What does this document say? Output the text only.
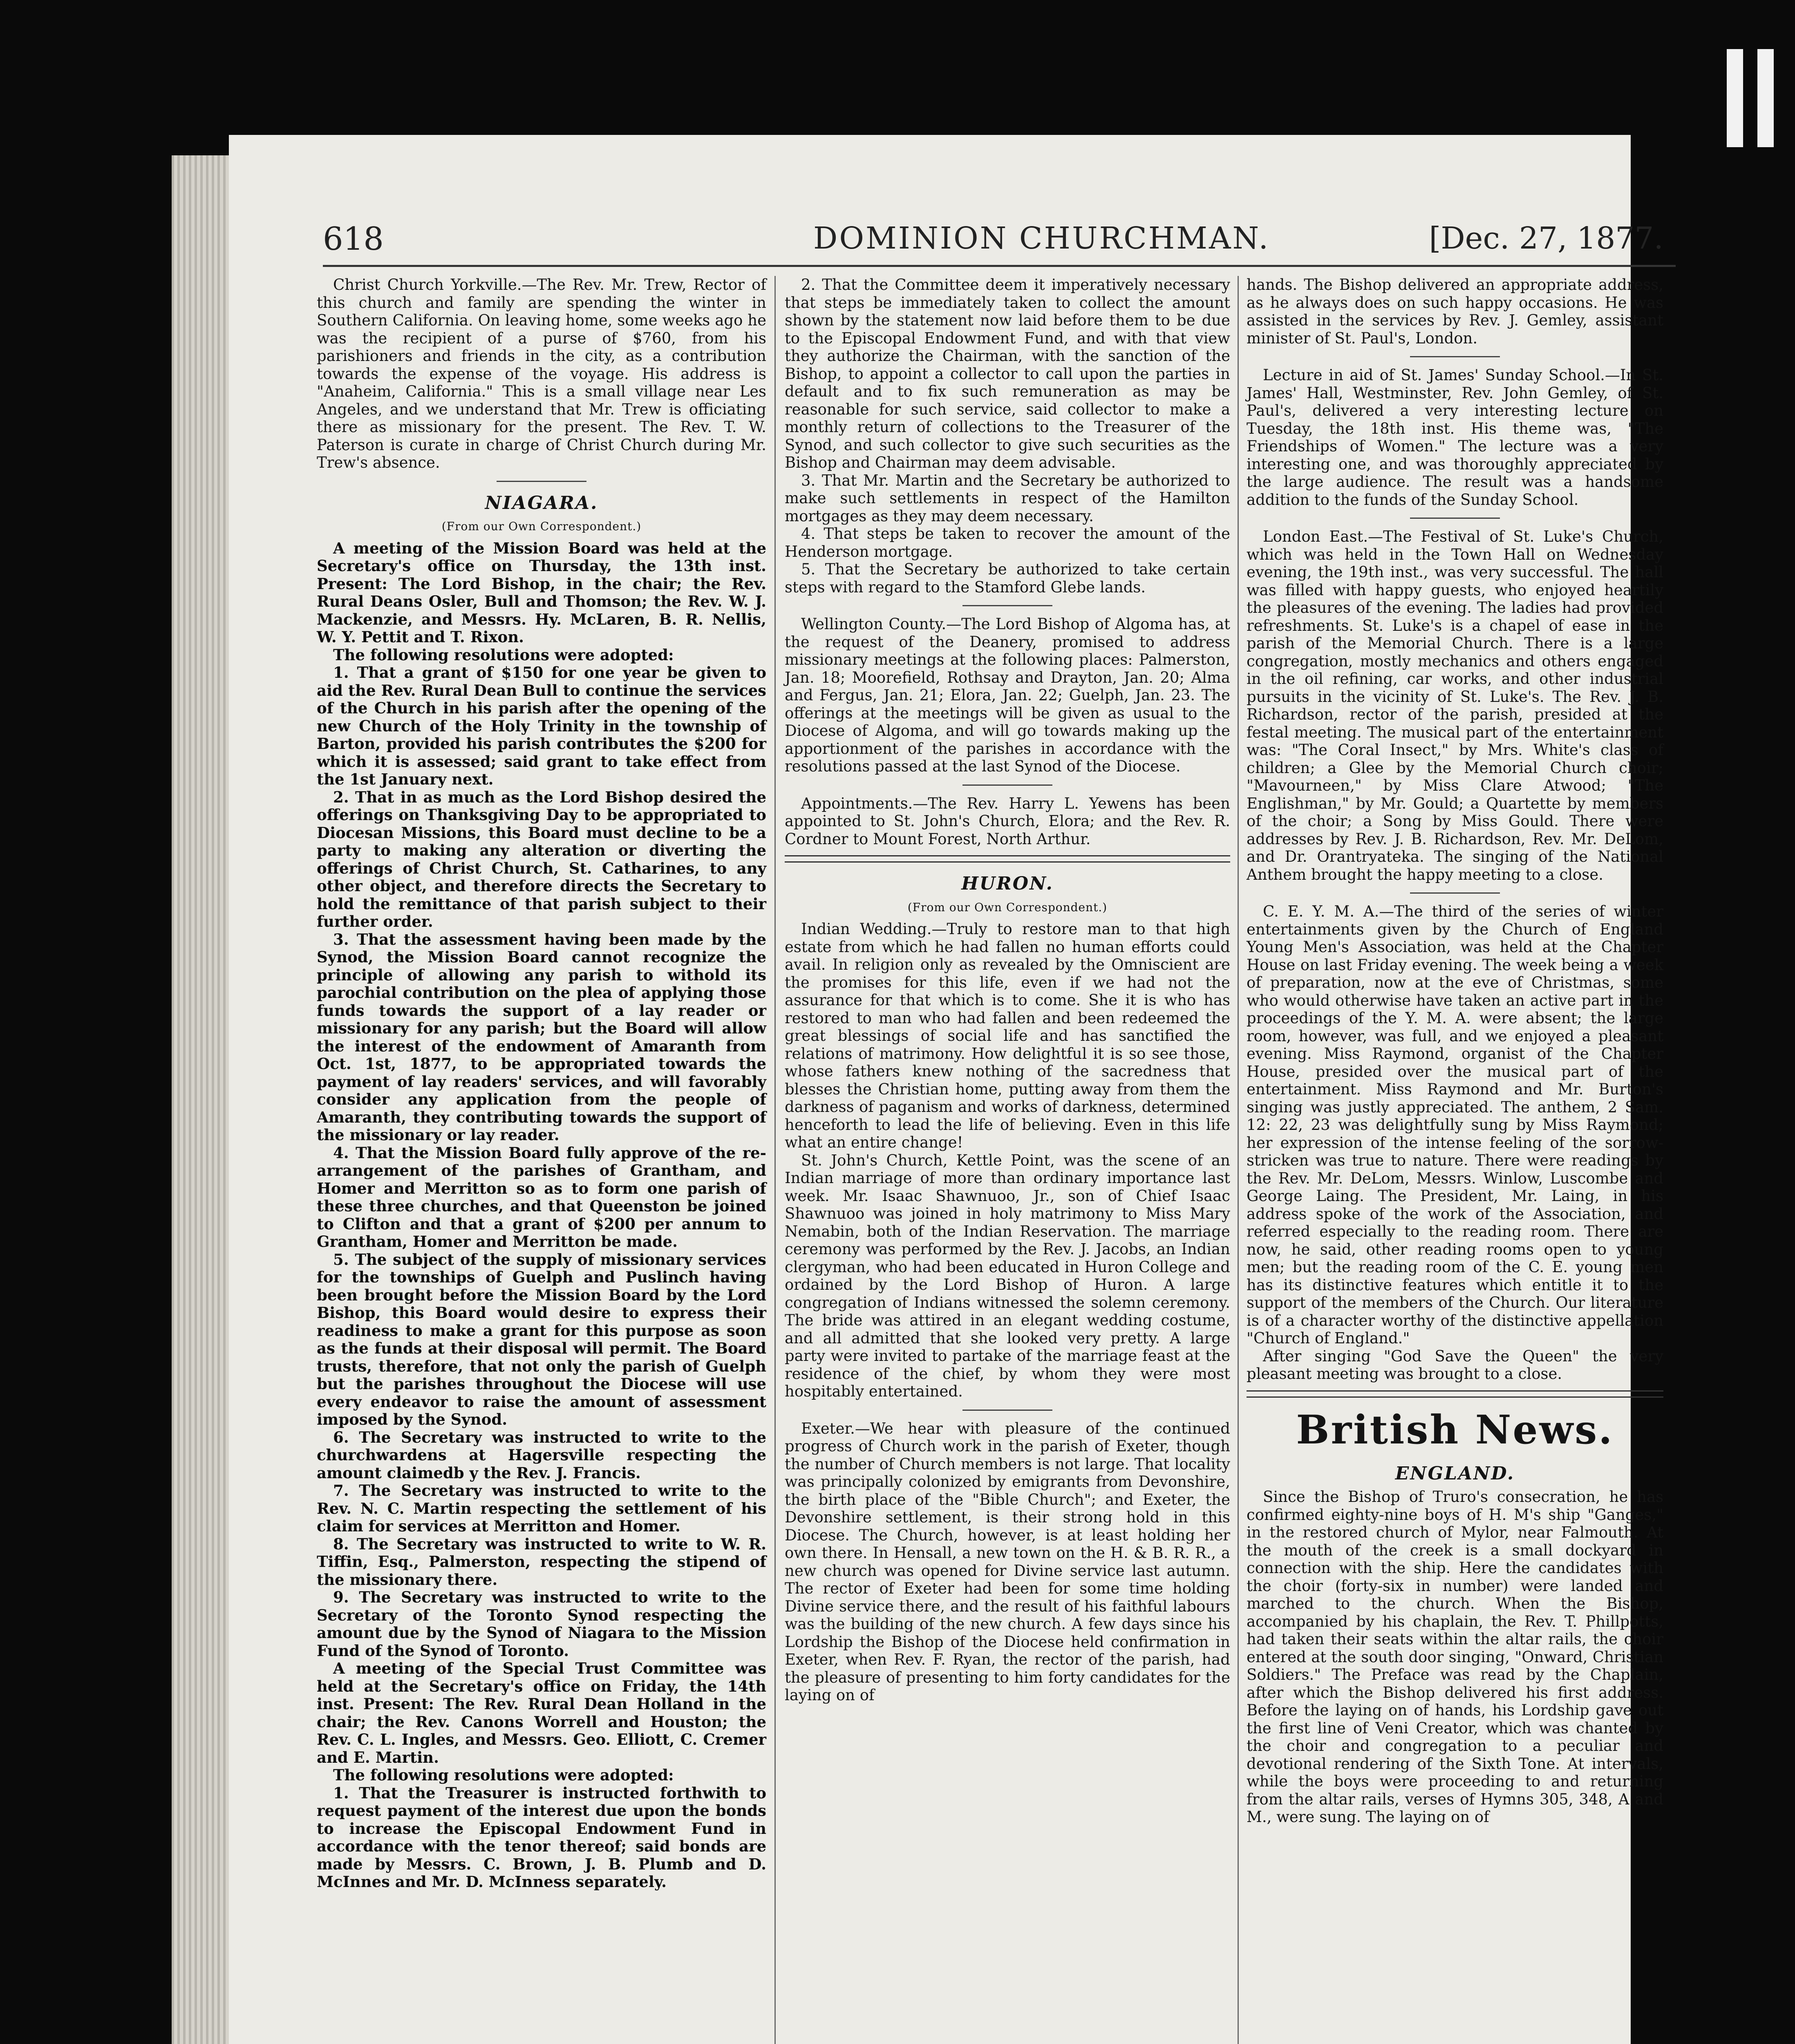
618	DOMINION CHURCHMAN.	[Dec. 27, 1877.

Christ Church Yorkville.—The Rev. Mr. Trew, Rector of this church and family are spending the winter in Southern California. On leaving home, some weeks ago he was the recipient of a purse of $760, from his parishioners and friends in the city, as a contribution towards the expense of the voyage. His address is "Anaheim, California." This is a small village near Les Angeles, and we understand that Mr. Trew is officiating there as missionary for the present. The Rev. T. W. Paterson is curate in charge of Christ Church during Mr. Trew's absence.

NIAGARA.
(From our Own Correspondent.)

A meeting of the Mission Board was held at the Secretary's office on Thursday, the 13th inst. Present: The Lord Bishop, in the chair; the Rev. Rural Deans Osler, Bull and Thomson; the Rev. W. J. Mackenzie, and Messrs. Hy. McLaren, B. R. Nellis, W. Y. Pettit and T. Rixon.

The following resolutions were adopted:

1. That a grant of $150 for one year be given to aid the Rev. Rural Dean Bull to continue the services of the Church in his parish after the opening of the new Church of the Holy Trinity in the township of Barton, provided his parish contributes the $200 for which it is assessed; said grant to take effect from the 1st January next.

2. That in as much as the Lord Bishop desired the offerings on Thanksgiving Day to be appropriated to Diocesan Missions, this Board must decline to be a party to making any alteration or diverting the offerings of Christ Church, St. Catharines, to any other object, and therefore directs the Secretary to hold the remittance of that parish subject to their further order.

3. That the assessment having been made by the Synod, the Mission Board cannot recognize the principle of allowing any parish to withold its parochial contribution on the plea of applying those funds towards the support of a lay reader or missionary for any parish; but the Board will allow the interest of the endowment of Amaranth from Oct. 1st, 1877, to be appropriated towards the payment of lay readers' services, and will favorably consider any application from the people of Amaranth, they contributing towards the support of the missionary or lay reader.

4. That the Mission Board fully approve of the re-arrangement of the parishes of Grantham, and Homer and Merritton so as to form one parish of these three churches, and that Queenston be joined to Clifton and that a grant of $200 per annum to Grantham, Homer and Merritton be made.

5. The subject of the supply of missionary services for the townships of Guelph and Puslinch having been brought before the Mission Board by the Lord Bishop, this Board would desire to express their readiness to make a grant for this purpose as soon as the funds at their disposal will permit. The Board trusts, therefore, that not only the parish of Guelph but the parishes throughout the Diocese will use every endeavor to raise the amount of assessment imposed by the Synod.

6. The Secretary was instructed to write to the churchwardens at Hagersville respecting the amount claimedb y the Rev. J. Francis.

7. The Secretary was instructed to write to the Rev. N. C. Martin respecting the settlement of his claim for services at Merritton and Homer.

8. The Secretary was instructed to write to W. R. Tiffin, Esq., Palmerston, respecting the stipend of the missionary there.

9. The Secretary was instructed to write to the Secretary of the Toronto Synod respecting the amount due by the Synod of Niagara to the Mission Fund of the Synod of Toronto.

A meeting of the Special Trust Committee was held at the Secretary's office on Friday, the 14th inst. Present: The Rev. Rural Dean Holland in the chair; the Rev. Canons Worrell and Houston; the Rev. C. L. Ingles, and Messrs. Geo. Elliott, C. Cremer and E. Martin.

The following resolutions were adopted:

1. That the Treasurer is instructed forthwith to request payment of the interest due upon the bonds to increase the Episcopal Endowment Fund in accordance with the tenor thereof; said bonds are made by Messrs. C. Brown, J. B. Plumb and D. McInnes and Mr. D. McInness separately.

2. That the Committee deem it imperatively necessary that steps be immediately taken to collect the amount shown by the statement now laid before them to be due to the Episcopal Endowment Fund, and with that view they authorize the Chairman, with the sanction of the Bishop, to appoint a collector to call upon the parties in default and to fix such remuneration as may be reasonable for such service, said collector to make a monthly return of collections to the Treasurer of the Synod, and such collector to give such securities as the Bishop and Chairman may deem advisable.

3. That Mr. Martin and the Secretary be authorized to make such settlements in respect of the Hamilton mortgages as they may deem necessary.

4. That steps be taken to recover the amount of the Henderson mortgage.

5. That the Secretary be authorized to take certain steps with regard to the Stamford Glebe lands.

Wellington County.—The Lord Bishop of Algoma has, at the request of the Deanery, promised to address missionary meetings at the following places: Palmerston, Jan. 18; Moorefield, Rothsay and Drayton, Jan. 20; Alma and Fergus, Jan. 21; Elora, Jan. 22; Guelph, Jan. 23. The offerings at the meetings will be given as usual to the Diocese of Algoma, and will go towards making up the apportionment of the parishes in accordance with the resolutions passed at the last Synod of the Diocese.

Appointments.—The Rev. Harry L. Yewens has been appointed to St. John's Church, Elora; and the Rev. R. Cordner to Mount Forest, North Arthur.

HURON.
(From our Own Correspondent.)

Indian Wedding.—Truly to restore man to that high estate from which he had fallen no human efforts could avail. In religion only as revealed by the Omniscient are the promises for this life, even if we had not the assurance for that which is to come. She it is who has restored to man who had fallen and been redeemed the great blessings of social life and has sanctified the relations of matrimony. How delightful it is so see those, whose fathers knew nothing of the sacredness that blesses the Christian home, putting away from them the darkness of paganism and works of darkness, determined henceforth to lead the life of believing. Even in this life what an entire change!

St. John's Church, Kettle Point, was the scene of an Indian marriage of more than ordinary importance last week. Mr. Isaac Shawnuoo, Jr., son of Chief Isaac Shawnuoo was joined in holy matrimony to Miss Mary Nemabin, both of the Indian Reservation. The marriage ceremony was performed by the Rev. J. Jacobs, an Indian clergyman, who had been educated in Huron College and ordained by the Lord Bishop of Huron. A large congregation of Indians witnessed the solemn ceremony. The bride was attired in an elegant wedding costume, and all admitted that she looked very pretty. A large party were invited to partake of the marriage feast at the residence of the chief, by whom they were most hospitably entertained.

Exeter.—We hear with pleasure of the continued progress of Church work in the parish of Exeter, though the number of Church members is not large. That locality was principally colonized by emigrants from Devonshire, the birth place of the "Bible Church"; and Exeter, the Devonshire settlement, is their strong hold in this Diocese. The Church, however, is at least holding her own there. In Hensall, a new town on the H. & B. R. R., a new church was opened for Divine service last autumn. The rector of Exeter had been for some time holding Divine service there, and the result of his faithful labours was the building of the new church. A few days since his Lordship the Bishop of the Diocese held confirmation in Exeter, when Rev. F. Ryan, the rector of the parish, had the pleasure of presenting to him forty candidates for the laying on of

hands. The Bishop delivered an appropriate address, as he always does on such happy occasions. He was assisted in the services by Rev. J. Gemley, assistant minister of St. Paul's, London.

Lecture in aid of St. James' Sunday School.—In St. James' Hall, Westminster, Rev. John Gemley, of St. Paul's, delivered a very interesting lecture on Tuesday, the 18th inst. His theme was, "The Friendships of Women." The lecture was a very interesting one, and was thoroughly appreciated by the large audience. The result was a handsome addition to the funds of the Sunday School.

London East.—The Festival of St. Luke's Church, which was held in the Town Hall on Wednesday evening, the 19th inst., was very successful. The hall was filled with happy guests, who enjoyed heartily the pleasures of the evening. The ladies had provided refreshments. St. Luke's is a chapel of ease in the parish of the Memorial Church. There is a large congregation, mostly mechanics and others engaged in the oil refining, car works, and other industrial pursuits in the vicinity of St. Luke's. The Rev. J. B. Richardson, rector of the parish, presided at the festal meeting. The musical part of the entertainment was: "The Coral Insect," by Mrs. White's class of children; a Glee by the Memorial Church choir; "Mavourneen," by Miss Clare Atwood; "The Englishman," by Mr. Gould; a Quartette by members of the choir; a Song by Miss Gould. There were addresses by Rev. J. B. Richardson, Rev. Mr. DeLom, and Dr. Orantryateka. The singing of the National Anthem brought the happy meeting to a close.

C. E. Y. M. A.—The third of the series of winter entertainments given by the Church of England Young Men's Association, was held at the Chapter House on last Friday evening. The week being a week of preparation, now at the eve of Christmas, some who would otherwise have taken an active part in the proceedings of the Y. M. A. were absent; the large room, however, was full, and we enjoyed a pleasant evening. Miss Raymond, organist of the Chapter House, presided over the musical part of the entertainment. Miss Raymond and Mr. Burton's singing was justly appreciated. The anthem, 2 Sam. 12: 22, 23 was delightfully sung by Miss Raymond; her expression of the intense feeling of the sorrow-stricken was true to nature. There were readings by the Rev. Mr. DeLom, Messrs. Winlow, Luscombe and George Laing. The President, Mr. Laing, in his address spoke of the work of the Association, and referred especially to the reading room. There are now, he said, other reading rooms open to young men; but the reading room of the C. E. young men has its distinctive features which entitle it to the support of the members of the Church. Our literature is of a character worthy of the distinctive appellation "Church of England."

After singing "God Save the Queen" the very pleasant meeting was brought to a close.

British News.
ENGLAND.

Since the Bishop of Truro's consecration, he has confirmed eighty-nine boys of H. M's ship "Ganges," in the restored church of Mylor, near Falmouth. At the mouth of the creek is a small dockyard in connection with the ship. Here the candidates with the choir (forty-six in number) were landed and marched to the church. When the Bishop, accompanied by his chaplain, the Rev. T. Phillpotts, had taken their seats within the altar rails, the choir entered at the south door singing, "Onward, Christian Soldiers." The Preface was read by the Chaplain, after which the Bishop delivered his first address. Before the laying on of hands, his Lordship gave out the first line of Veni Creator, which was chanted by the choir and congregation to a peculiar and devotional rendering of the Sixth Tone. At intervals, while the boys were proceeding to and returning from the altar rails, verses of Hymns 305, 348, A and M., were sung. The laying on of
